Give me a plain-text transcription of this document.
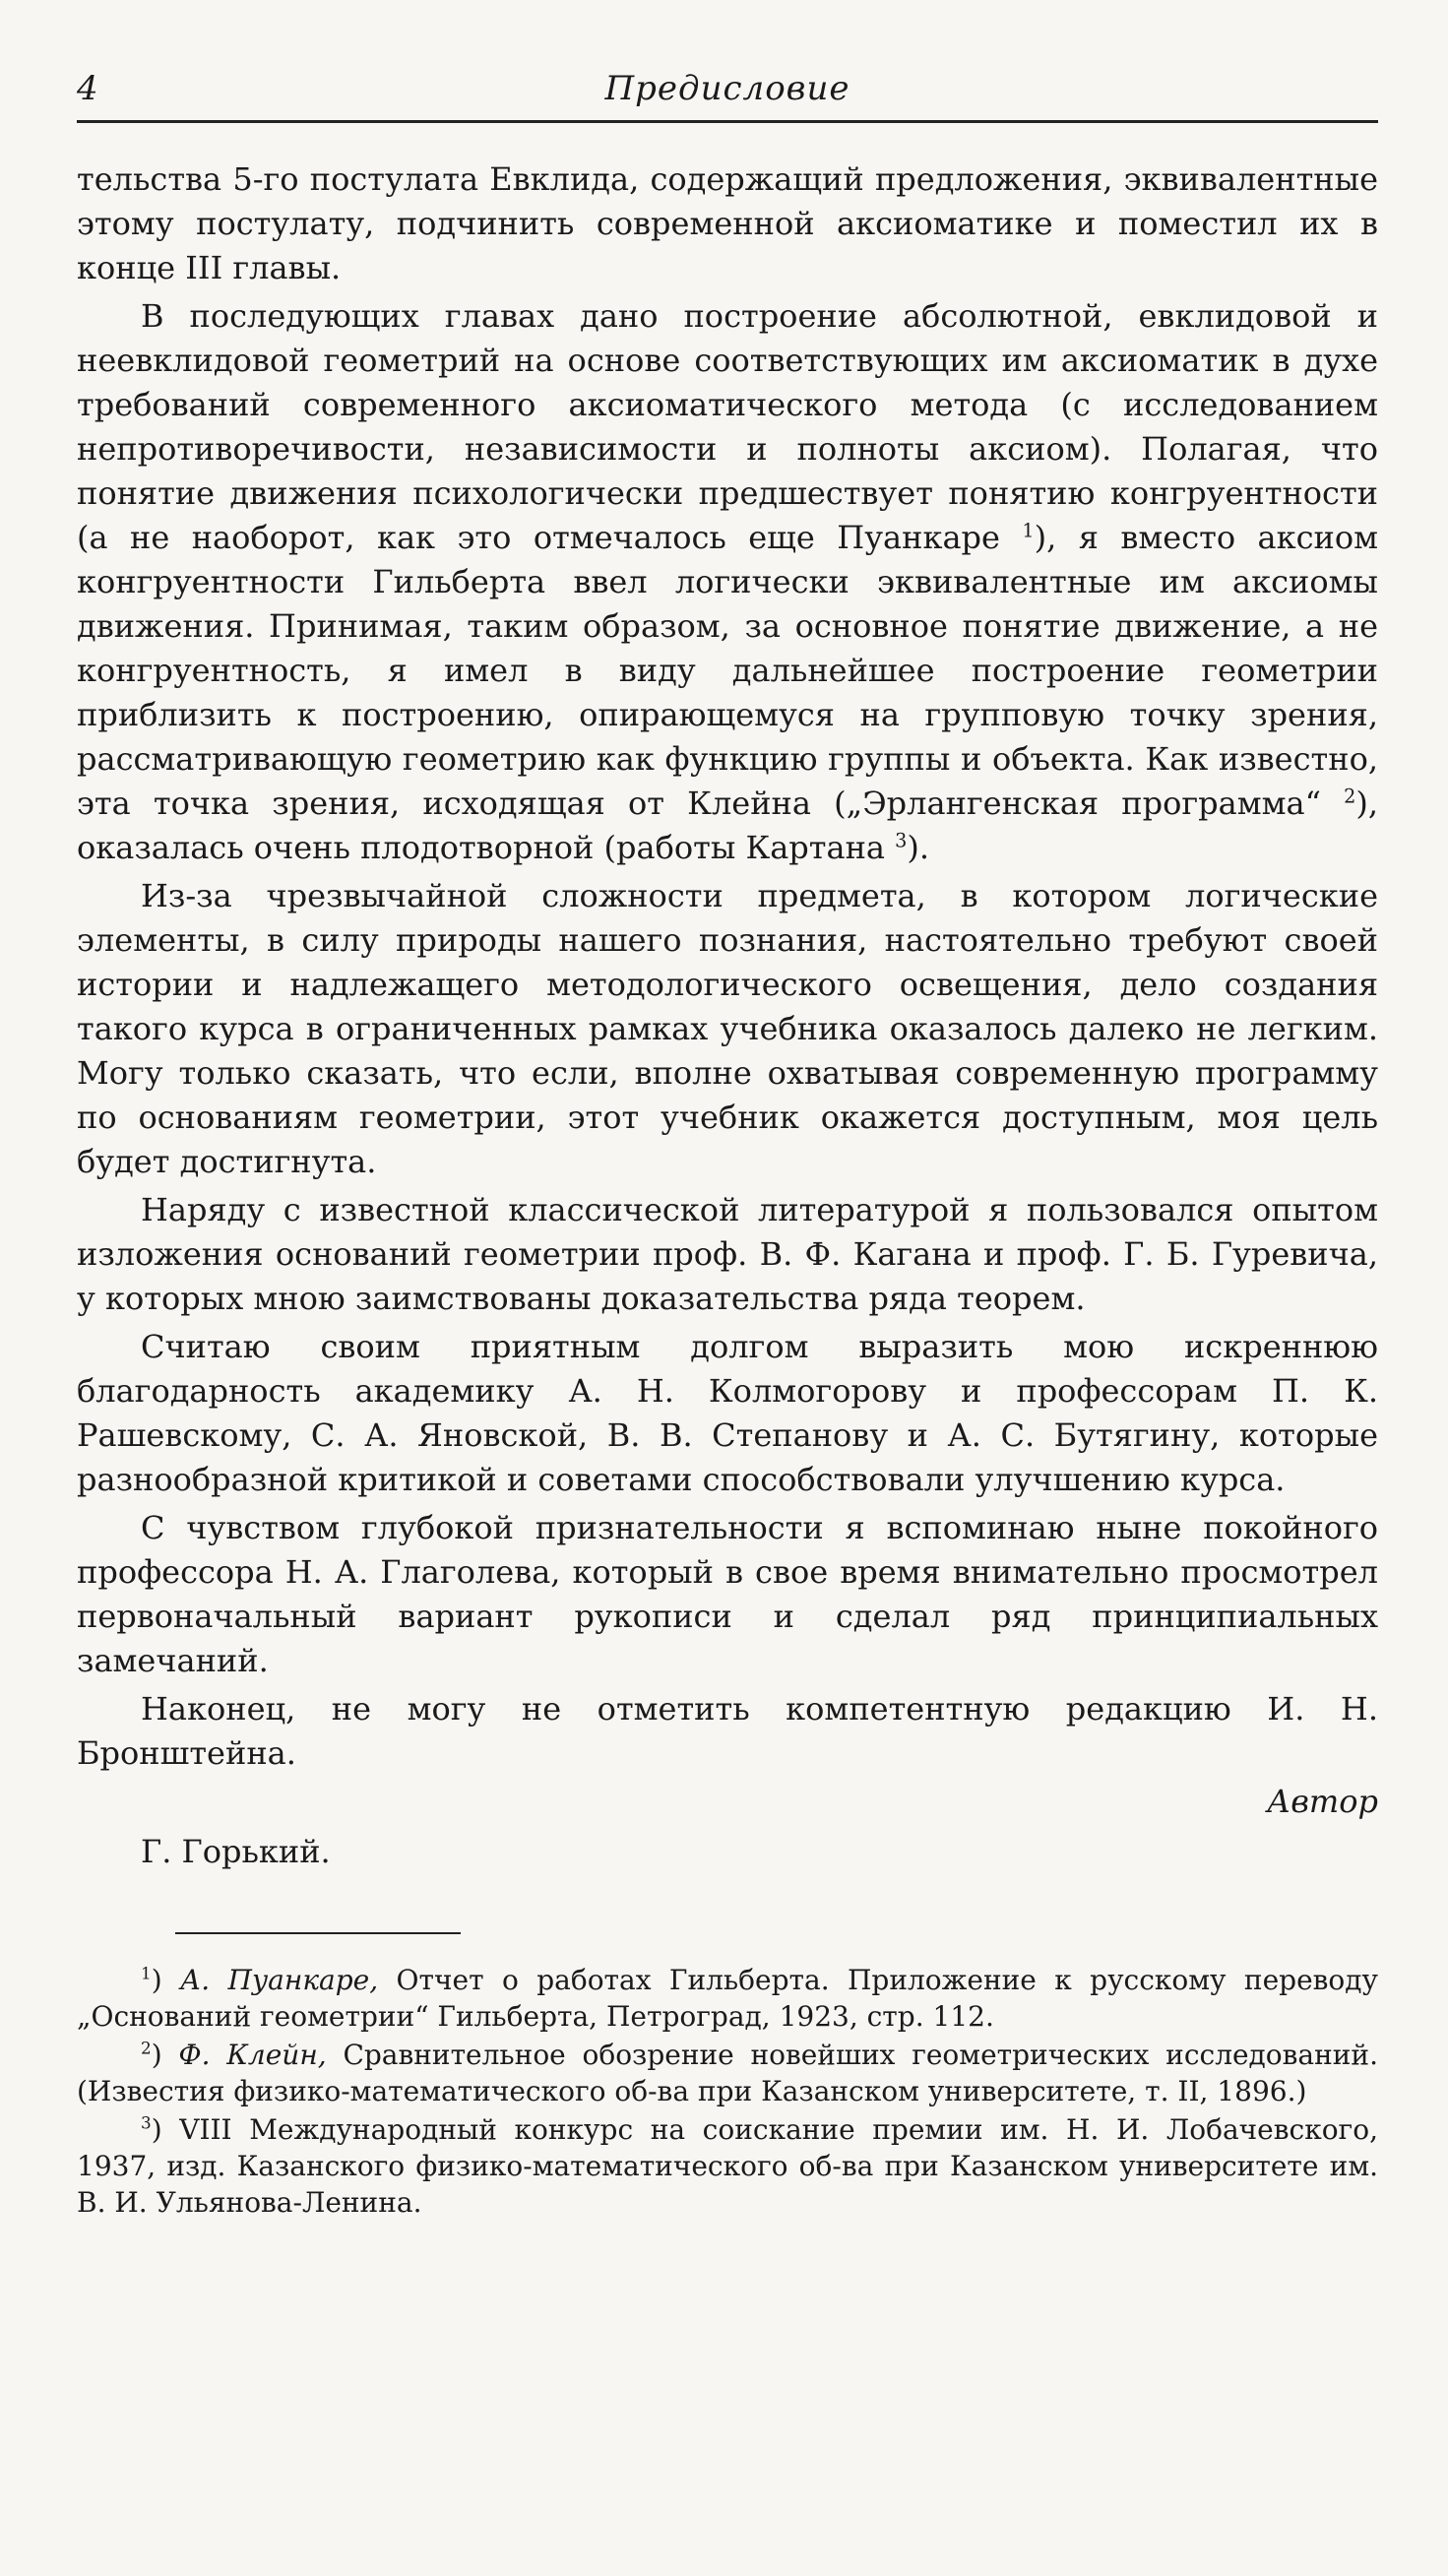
4	Предисловие

тельства 5-го постулата Евклида, содержащий предложения, эквивалентные этому постулату, подчинить современной аксиоматике и поместил их в конце III главы.

В последующих главах дано построение абсолютной, евклидовой и неевклидовой геометрий на основе соответствующих им аксиоматик в духе требований современного аксиоматического метода (с исследованием непротиворечивости, независимости и полноты аксиом). Полагая, что понятие движения психологически предшествует понятию конгруентности (а не наоборот, как это отмечалось еще Пуанкаре $^1$), я вместо аксиом конгруентности Гильберта ввел логически эквивалентные им аксиомы движения. Принимая, таким образом, за основное понятие движение, а не конгруентность, я имел в виду дальнейшее построение геометрии приблизить к построению, опирающемуся на групповую точку зрения, рассматривающую геометрию как функцию группы и объекта. Как известно, эта точка зрения, исходящая от Клейна („Эрлангенская программа“ $^2$), оказалась очень плодотворной (работы Картана $^3$).

Из-за чрезвычайной сложности предмета, в котором логические элементы, в силу природы нашего познания, настоятельно требуют своей истории и надлежащего методологического освещения, дело создания такого курса в ограниченных рамках учебника оказалось далеко не легким. Могу только сказать, что если, вполне охватывая современную программу по основаниям геометрии, этот учебник окажется доступным, моя цель будет достигнута.

Наряду с известной классической литературой я пользовался опытом изложения оснований геометрии проф. В. Ф. Кагана и проф. Г. Б. Гуревича, у которых мною заимствованы доказательства ряда теорем.

Считаю своим приятным долгом выразить мою искреннюю благодарность академику А. Н. Колмогорову и профессорам П. К. Рашевскому, С. А. Яновской, В. В. Степанову и А. С. Бутягину, которые разнообразной критикой и советами способствовали улучшению курса.

С чувством глубокой признательности я вспоминаю ныне покойного профессора Н. А. Глаголева, который в свое время внимательно просмотрел первоначальный вариант рукописи и сделал ряд принципиальных замечаний.

Наконец, не могу не отметить компетентную редакцию И. Н. Бронштейна.

Автор
Г. Горький.

$^1$) А. Пуанкаре, Отчет о работах Гильберта. Приложение к русскому переводу „Оснований геометрии“ Гильберта, Петроград, 1923, стр. 112.

$^2$) Ф. Клейн, Сравнительное обозрение новейших геометрических исследований. (Известия физико-математического об-ва при Казанском университете, т. II, 1896.)

$^3$) VIII Международный конкурс на соискание премии им. Н. И. Лобачевского, 1937, изд. Казанского физико-математического об-ва при Казанском университете им. В. И. Ульянова-Ленина.
